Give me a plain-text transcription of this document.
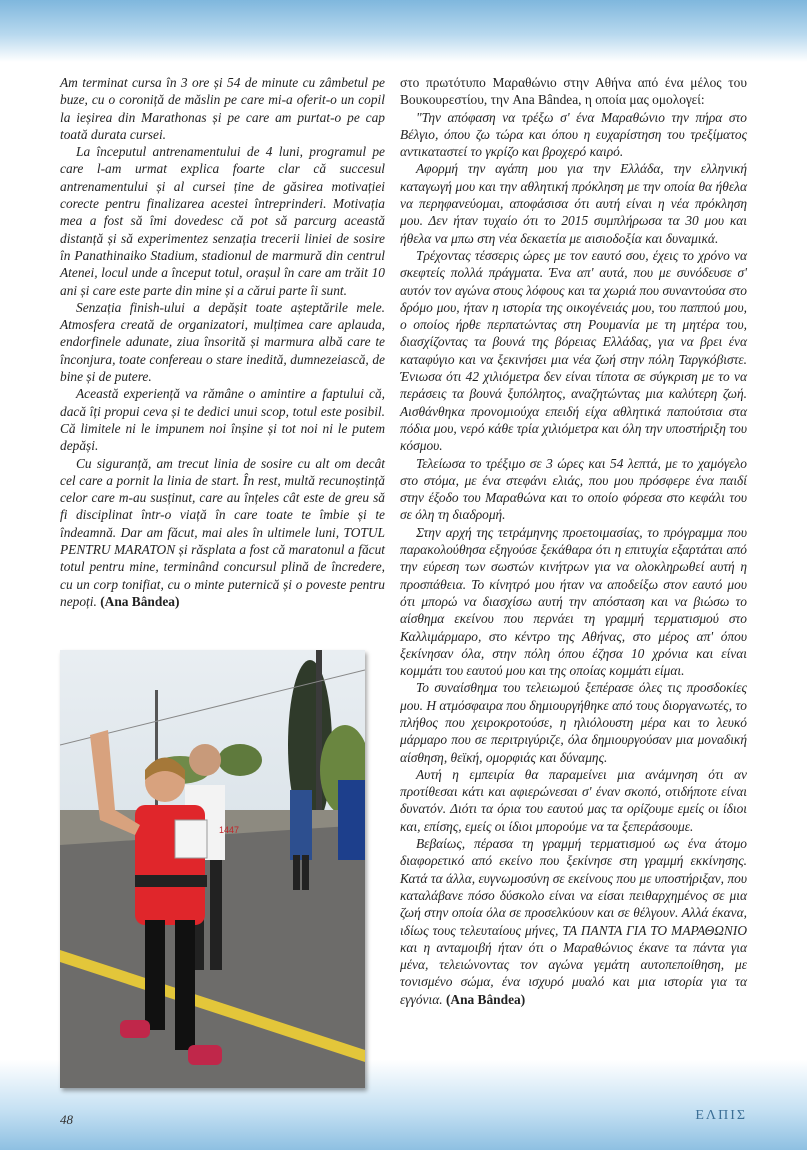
Am terminat cursa în 3 ore și 54 de minute cu zâmbetul pe buze, cu o coroniță de măslin pe care mi-a oferit-o un copil la ieșirea din Marathonas și pe care am purtat-o pe cap toată durata cursei.

La începutul antrenamentului de 4 luni, programul pe care l-am urmat explica foarte clar că succesul antrenamentului și al cursei ține de găsirea motivației corecte pentru finalizarea acestei întreprinderi. Motivația mea a fost să îmi dovedesc că pot să parcurg această distanță și să experimentez senzația trecerii liniei de sosire în Panathinaiko Stadium, stadionul de marmură din centrul Atenei, locul unde a început totul, orașul în care am trăit 10 ani și care este parte din mine și a cărui parte îi sunt.

Senzația finish-ului a depășit toate așteptările mele. Atmosfera creată de organizatori, mulțimea care aplauda, endorfinele adunate, ziua însorită și marmura albă care te înconjura, toate confereau o stare inedită, dumnezeiască, de bine și de putere.

Această experiență va rămâne o amintire a faptului că, dacă îți propui ceva și te dedici unui scop, totul este posibil. Că limitele ni le impunem noi înșine și tot noi ni le putem depăși.

Cu siguranță, am trecut linia de sosire cu alt om decât cel care a pornit la linia de start. În rest, multă recunoștință celor care m-au susținut, care au înțeles cât este de greu să fi disciplinat într-o viață în care toate te îmbie și te îndeamnă. Dar am făcut, mai ales în ultimele luni, TOTUL PENTRU MARATON și răsplata a fost că maratonul a făcut totul pentru mine, terminând concursul plină de încredere, cu un corp tonifiat, cu o minte puternică și o poveste pentru nepoți. (Ana Bândea)

1447

στο πρωτότυπο Μαραθώνιο στην Αθήνα από ένα μέλος του Βουκουρεστίου, την Ana Bândea, η οποία μας ομολογεί:

"Την απόφαση να τρέξω σ' ένα Μαραθώνιο την πήρα στο Βέλγιο, όπου ζω τώρα και όπου η ευχαρίστηση του τρεξίματος αντικαταστεί το γκρίζο και βροχερό καιρό.

Αφορμή την αγάπη μου για την Ελλάδα, την ελληνική καταγωγή μου και την αθλητική πρόκληση με την οποία θα ήθελα να περηφανεύομαι, αποφάσισα ότι αυτή είναι η νέα πρόκληση μου. Δεν ήταν τυχαίο ότι το 2015 συμπλήρωσα τα 30 μου και ήθελα να μπω στη νέα δεκαετία με αισιοδοξία και δυναμικά.

Τρέχοντας τέσσερις ώρες με τον εαυτό σου, έχεις το χρόνο να σκεφτείς πολλά πράγματα. Ένα απ' αυτά, που με συνόδευσε σ' αυτόν τον αγώνα στους λόφους και τα χωριά που συναντούσα στο δρόμο μου, ήταν η ιστορία της οικογένειάς μου, του παππού μου, ο οποίος ήρθε περπατώντας στη Ρουμανία με τη μητέρα του, διασχίζοντας τα βουνά της βόρειας Ελλάδας, για να βρει ένα καταφύγιο και να ξεκινήσει μια νέα ζωή στην πόλη Ταργκόβιστε. Ένιωσα ότι 42 χιλιόμετρα δεν είναι τίποτα σε σύγκριση με το να περάσεις τα βουνά ξυπόλητος, αναζητώντας μια καλύτερη ζωή. Αισθάνθηκα προνομιούχα επειδή είχα αθλητικά παπούτσια στα πόδια μου, νερό κάθε τρία χιλιόμετρα και όλη την υποστήριξη του κόσμου.

Τελείωσα το τρέξιμο σε 3 ώρες και 54 λεπτά, με το χαμόγελο στο στόμα, με ένα στεφάνι ελιάς, που μου πρόσφερε ένα παιδί στην έξοδο του Μαραθώνα και το οποίο φόρεσα στο κεφάλι του σε όλη τη διαδρομή.

Στην αρχή της τετράμηνης προετοιμασίας, το πρόγραμμα που παρακολούθησα εξηγούσε ξεκάθαρα ότι η επιτυχία εξαρτάται από την εύρεση των σωστών κινήτρων για να ολοκληρωθεί αυτή η προσπάθεια. Το κίνητρό μου ήταν να αποδείξω στον εαυτό μου ότι μπορώ να διασχίσω αυτή την απόσταση και να βιώσω το αίσθημα εκείνου που περνάει τη γραμμή τερματισμού στο Καλλιμάρμαρο, στο κέντρο της Αθήνας, στο μέρος απ' όπου ξεκίνησαν όλα, στην πόλη όπου έζησα 10 χρόνια και είναι κομμάτι του εαυτού μου και της οποίας κομμάτι είμαι.

Το συναίσθημα του τελειωμού ξεπέρασε όλες τις προσδοκίες μου. Η ατμόσφαιρα που δημιουργήθηκε από τους διοργανωτές, το πλήθος που χειροκροτούσε, η ηλιόλουστη μέρα και το λευκό μάρμαρο που σε περιτριγύριζε, όλα δημιουργούσαν μια μοναδική αίσθηση, θεϊκή, ομορφιάς και δύναμης.

Αυτή η εμπειρία θα παραμείνει μια ανάμνηση ότι αν προτίθεσαι κάτι και αφιερώνεσαι σ' έναν σκοπό, οτιδήποτε είναι δυνατόν. Διότι τα όρια του εαυτού μας τα ορίζουμε εμείς οι ίδιοι και, επίσης, εμείς οι ίδιοι μπορούμε να τα ξεπεράσουμε.

Βεβαίως, πέρασα τη γραμμή τερματισμού ως ένα άτομο διαφορετικό από εκείνο που ξεκίνησε στη γραμμή εκκίνησης. Κατά τα άλλα, ευγνωμοσύνη σε εκείνους που με υποστήριξαν, που καταλάβανε πόσο δύσκολο είναι να είσαι πειθαρχημένος σε μια ζωή στην οποία όλα σε προσελκύουν και σε θέλγουν. Αλλά έκανα, ιδίως τους τελευταίους μήνες, ΤΑ ΠΑΝΤΑ ΓΙΑ ΤΟ ΜΑΡΑΘΩΝΙΟ και η ανταμοιβή ήταν ότι ο Μαραθώνιος έκανε τα πάντα για μένα, τελειώνοντας τον αγώνα γεμάτη αυτοπεποίθηση, με τονισμένο σώμα, ένα ισχυρό μυαλό και μια ιστορία για τα εγγόνια. (Ana Bândea)

48	ΕΛΠΙΣ
